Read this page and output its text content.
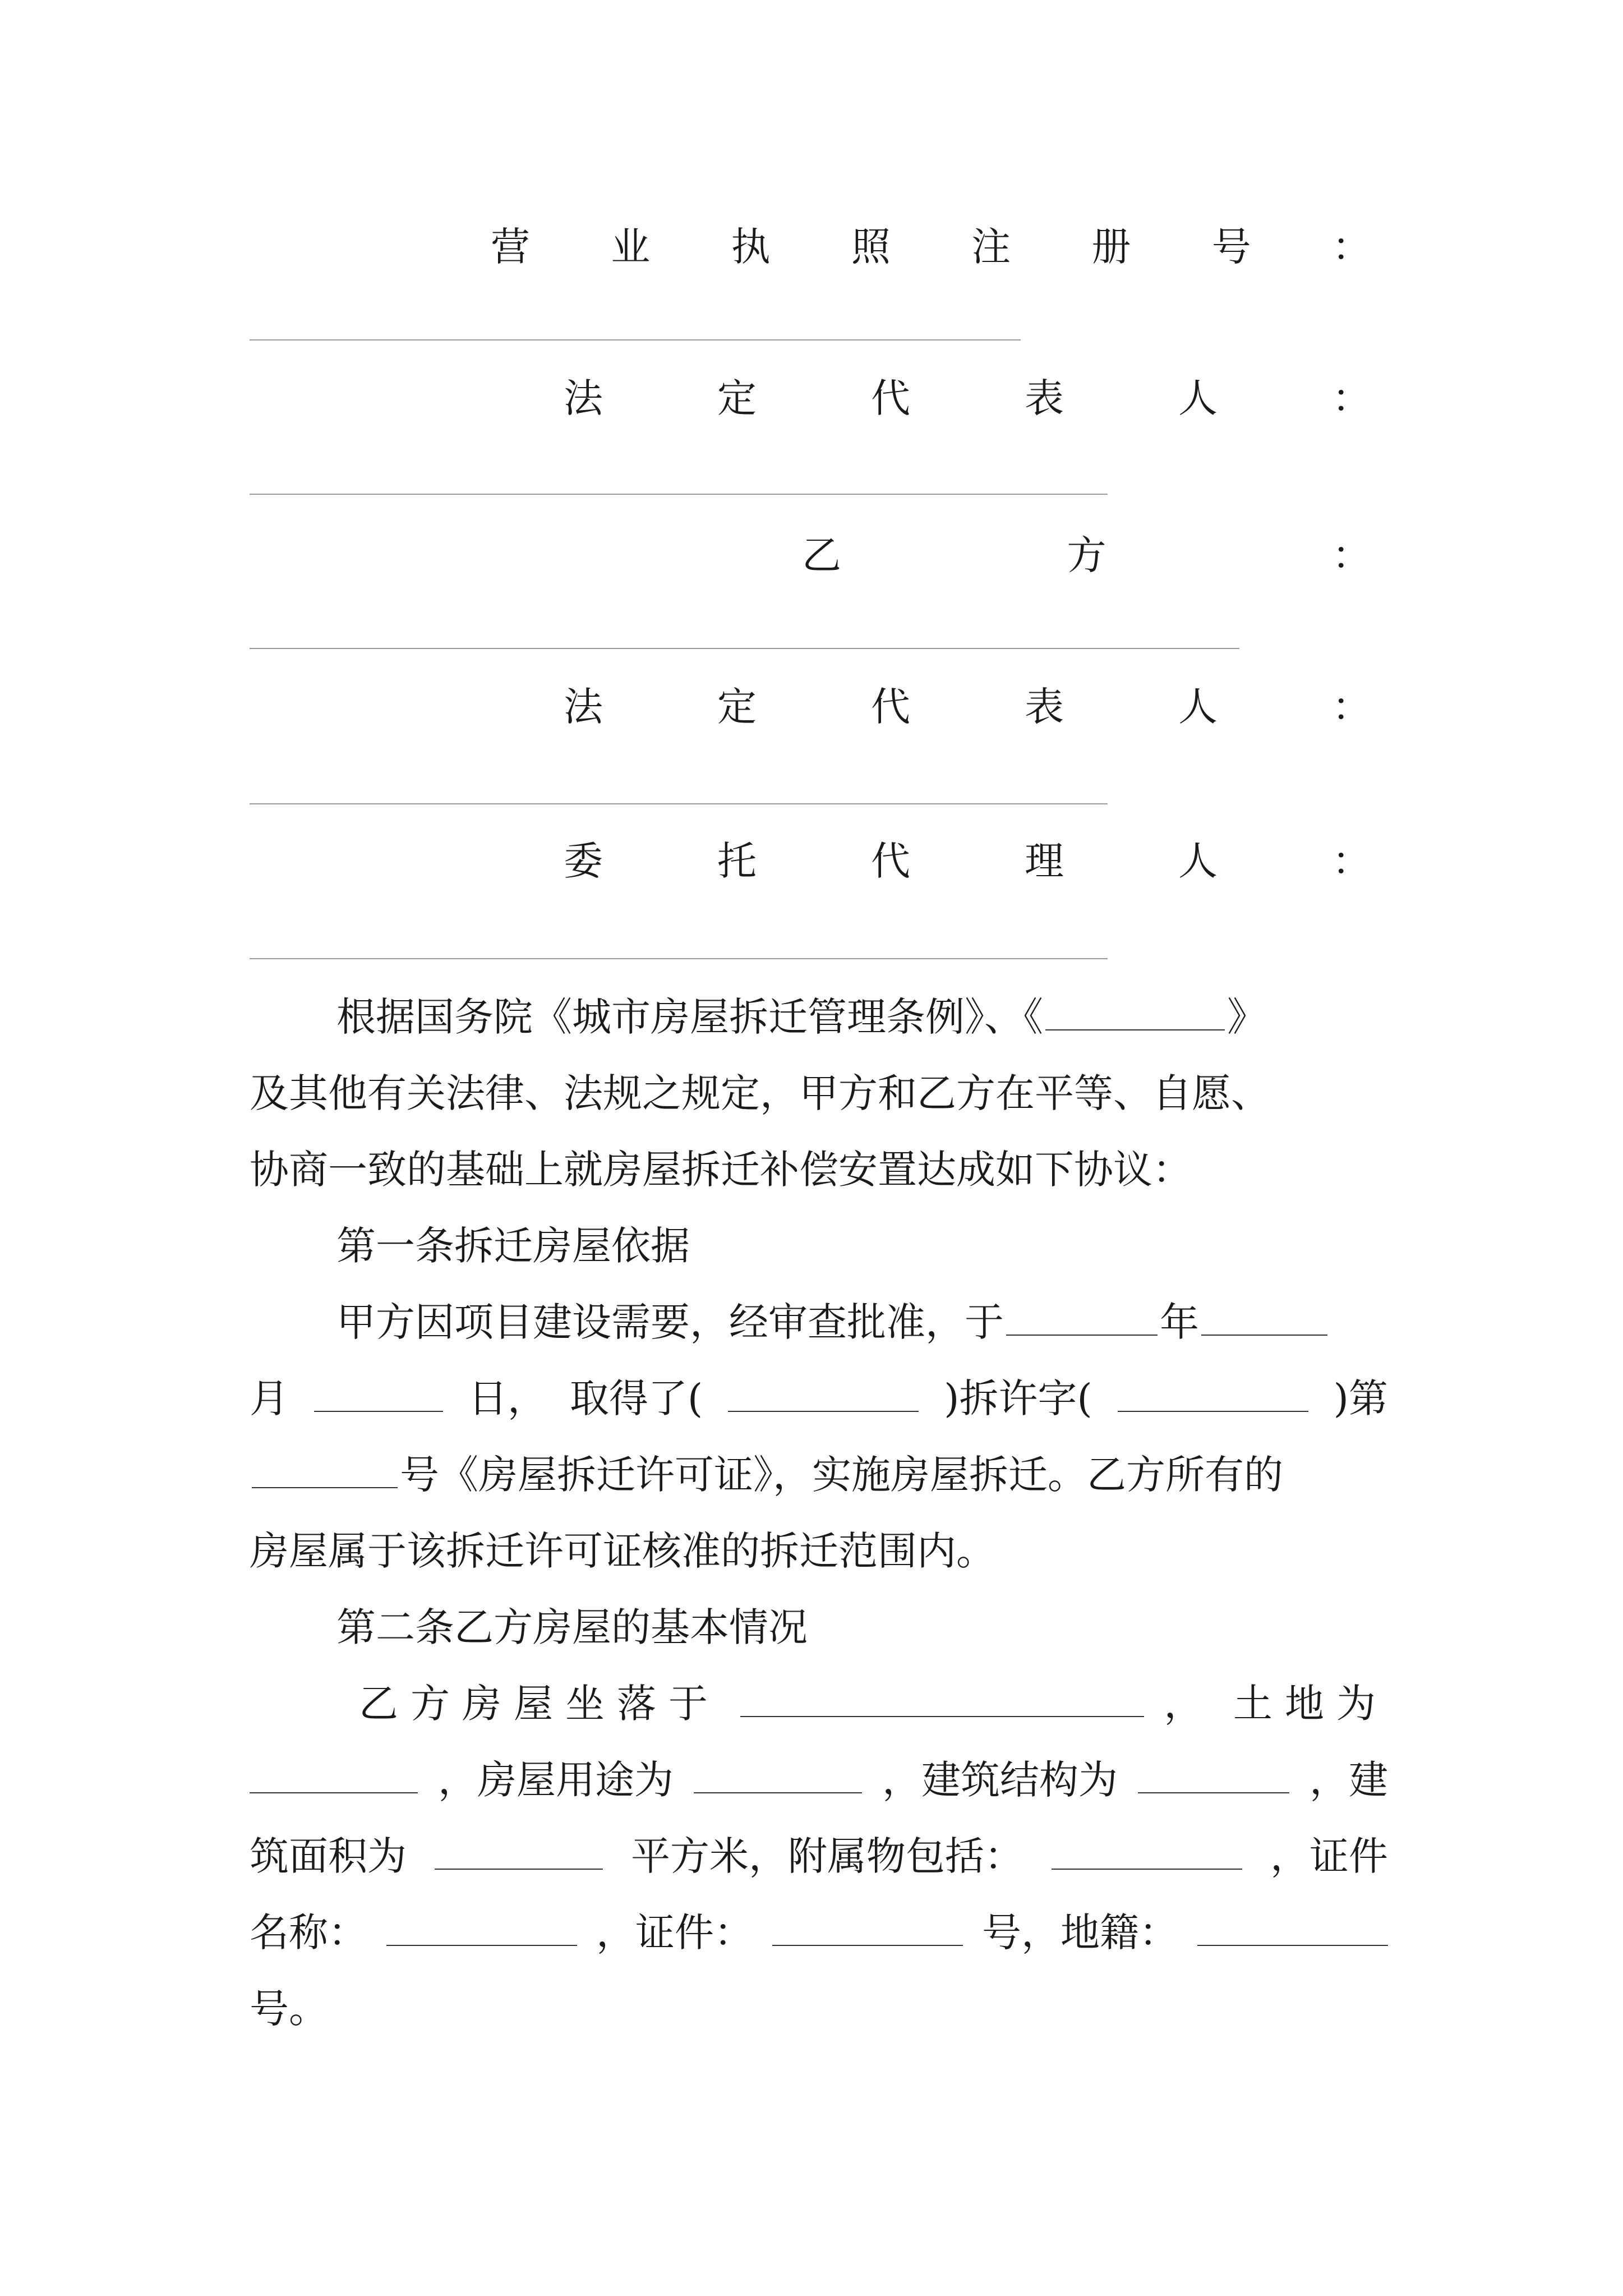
营 业 执 照 注 册 号 ：
法	定	代	表	人	：
乙	方	：
法	定	代	表	人	：
委	托	代	理	人	：
根据国务院《城市房屋拆迁管理条例》、《	》
及其他有关法律、法规之规定，甲方和乙方在平等、自愿、
协商一致的基础上就房屋拆迁补偿安置达成如下协议：
第一条拆迁房屋依据
甲方因项目建设需要，经审查批准，于	年
月	日， 取得了(	)拆许字(	)第
号《房屋拆迁许可证》，实施房屋拆迁。乙方所有的
房屋属于该拆迁许可证核准的拆迁范围内。
第二条乙方房屋的基本情况
乙方房屋坐落于	， 土地为
，房屋用途为	，建筑结构为	，建
筑面积为	平方米，附属物包括：	，证件
名称：	，证件：	号，地籍：
号。
